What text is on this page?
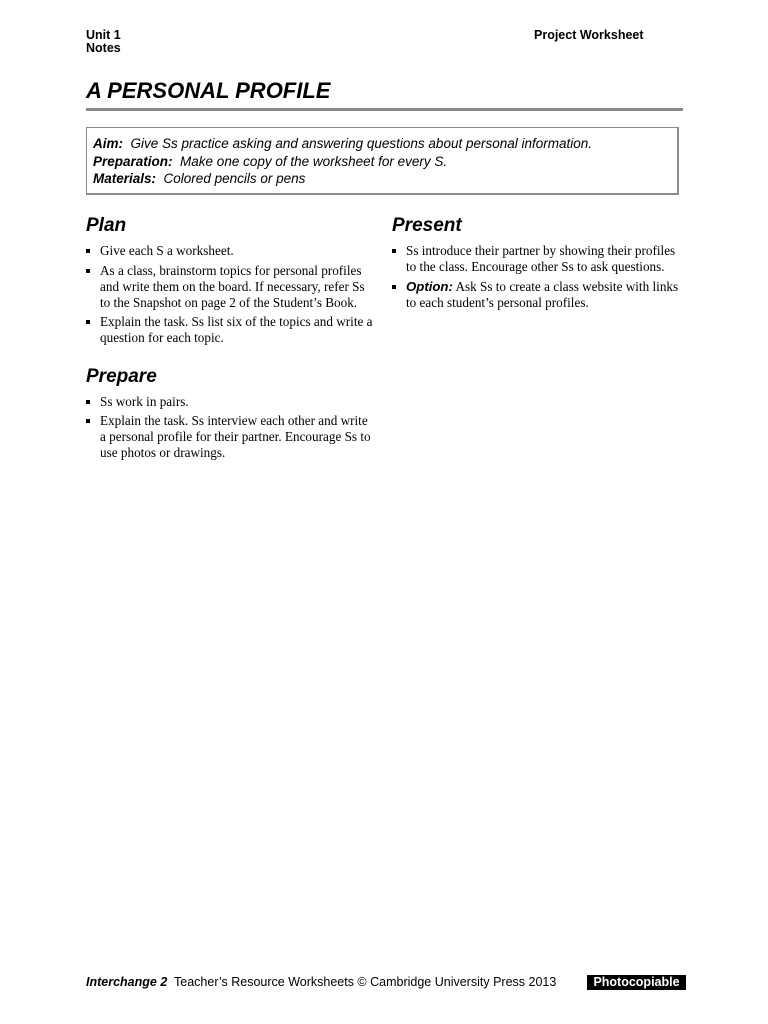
Unit 1
Notes
Project Worksheet
A PERSONAL PROFILE
Aim: Give Ss practice asking and answering questions about personal information.
Preparation: Make one copy of the worksheet for every S.
Materials: Colored pencils or pens
Plan
Give each S a worksheet.
As a class, brainstorm topics for personal profiles and write them on the board. If necessary, refer Ss to the Snapshot on page 2 of the Student’s Book.
Explain the task. Ss list six of the topics and write a question for each topic.
Prepare
Ss work in pairs.
Explain the task. Ss interview each other and write a personal profile for their partner. Encourage Ss to use photos or drawings.
Present
Ss introduce their partner by showing their profiles to the class. Encourage other Ss to ask questions.
Option: Ask Ss to create a class website with links to each student’s personal profiles.
Interchange 2 Teacher’s Resource Worksheets © Cambridge University Press 2013	Photocopiable
